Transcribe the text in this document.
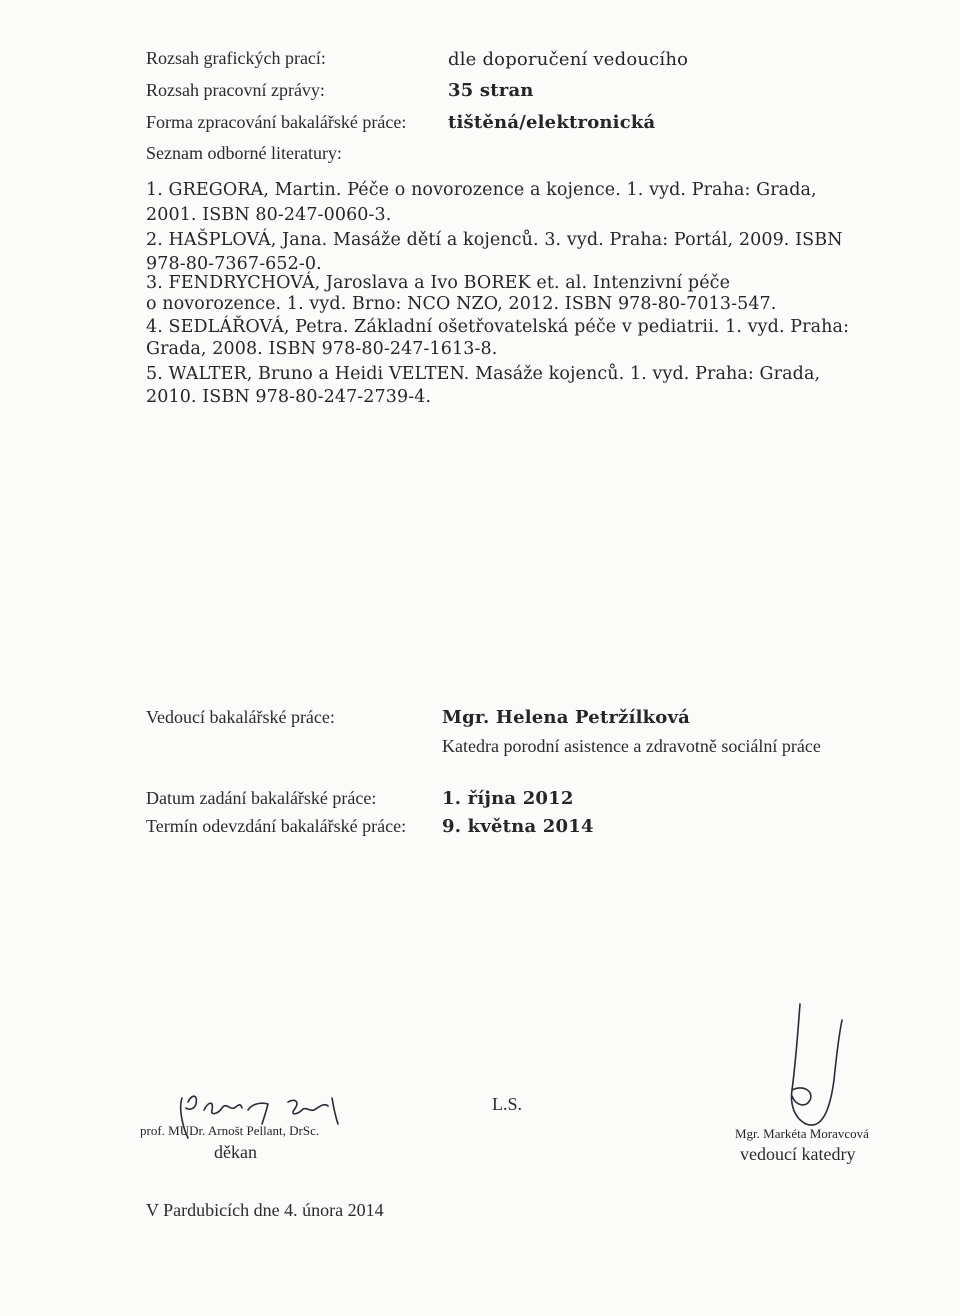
Rozsah grafických prací:	dle doporučení vedoucího
Rozsah pracovní zprávy:	35 stran
Forma zpracování bakalářské práce: tištěná/elektronická
Seznam odborné literatury:
1. GREGORA, Martin. Péče o novorozence a kojence. 1. vyd. Praha: Grada,
2001. ISBN 80-247-0060-3.
2. HAŠPLOVÁ, Jana. Masáže dětí a kojenců. 3. vyd. Praha: Portál, 2009. ISBN
978-80-7367-652-0.
3. FENDRYCHOVÁ, Jaroslava a Ivo BOREK et. al. Intenzivní péče
o novorozence. 1. vyd. Brno: NCO NZO, 2012. ISBN 978-80-7013-547.
4. SEDLÁŘOVÁ, Petra. Základní ošetřovatelská péče v pediatrii. 1. vyd. Praha:
Grada, 2008. ISBN 978-80-247-1613-8.
5. WALTER, Bruno a Heidi VELTEN. Masáže kojenců. 1. vyd. Praha: Grada,
2010. ISBN 978-80-247-2739-4.
Vedoucí bakalářské práce:	Mgr. Helena Petržílková
Katedra porodní asistence a zdravotně sociální práce
Datum zadání bakalářské práce:	1. října 2012
Termín odevzdání bakalářské práce: 9. května 2014
prof. MUDr. Arnošt Pellant, DrSc.
děkan
L.S.
Mgr. Markéta Moravcová
vedoucí katedry
V Pardubicích dne 4. února 2014
